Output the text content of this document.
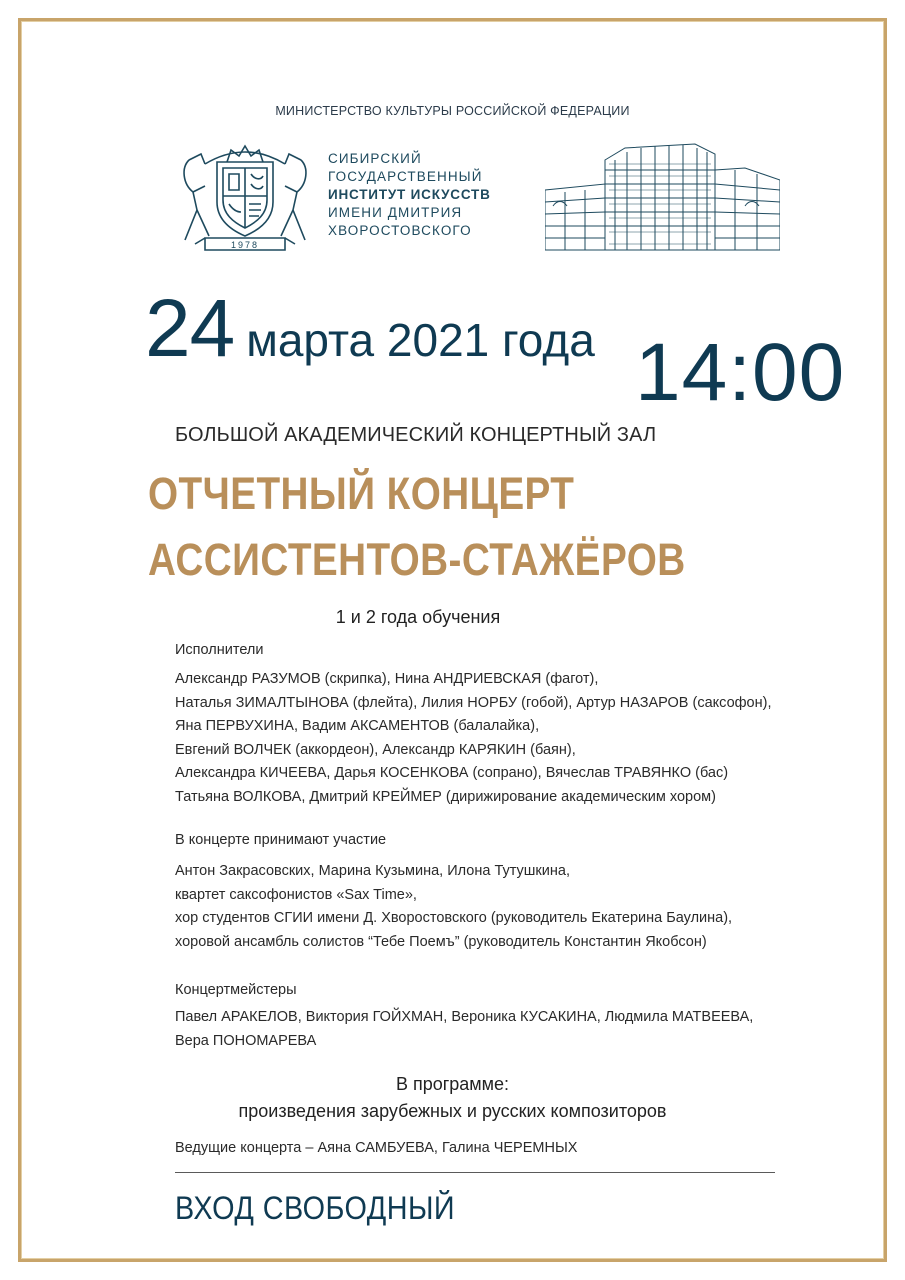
МИНИСТЕРСТВО КУЛЬТУРЫ РОССИЙСКОЙ ФЕДЕРАЦИИ
1978
СИБИРСКИЙ
ГОСУДАРСТВЕННЫЙ
ИНСТИТУТ ИСКУССТВ
ИМЕНИ ДМИТРИЯ
ХВОРОСТОВСКОГО
24 марта 2021 года 14:00
БОЛЬШОЙ АКАДЕМИЧЕСКИЙ КОНЦЕРТНЫЙ ЗАЛ
ОТЧЕТНЫЙ КОНЦЕРТ
АССИСТЕНТОВ-СТАЖЁРОВ
1 и 2 года обучения
Исполнители
Александр РАЗУМОВ (скрипка), Нина АНДРИЕВСКАЯ (фагот),
Наталья ЗИМАЛТЫНОВА (флейта), Лилия НОРБУ (гобой), Артур НАЗАРОВ (саксофон),
Яна ПЕРВУХИНА, Вадим АКСАМЕНТОВ (балалайка),
Евгений ВОЛЧЕК (аккордеон), Александр КАРЯКИН (баян),
Александра КИЧЕЕВА, Дарья КОСЕНКОВА (сопрано), Вячеслав ТРАВЯНКО (бас)
Татьяна ВОЛКОВА, Дмитрий КРЕЙМЕР (дирижирование академическим хором)
В концерте принимают участие
Антон Закрасовских, Марина Кузьмина, Илона Тутушкина,
квартет саксофонистов «Sax Time»,
хор студентов СГИИ имени Д. Хворостовского (руководитель Екатерина Баулина),
хоровой ансамбль солистов “Тебе Поемъ” (руководитель Константин Якобсон)
Концертмейстеры
Павел АРАКЕЛОВ, Виктория ГОЙХМАН, Вероника КУСАКИНА, Людмила МАТВЕЕВА,
Вера ПОНОМАРЕВА
В программе:
произведения зарубежных и русских композиторов
Ведущие концерта – Аяна САМБУЕВА, Галина ЧЕРЕМНЫХ
ВХОД СВОБОДНЫЙ
